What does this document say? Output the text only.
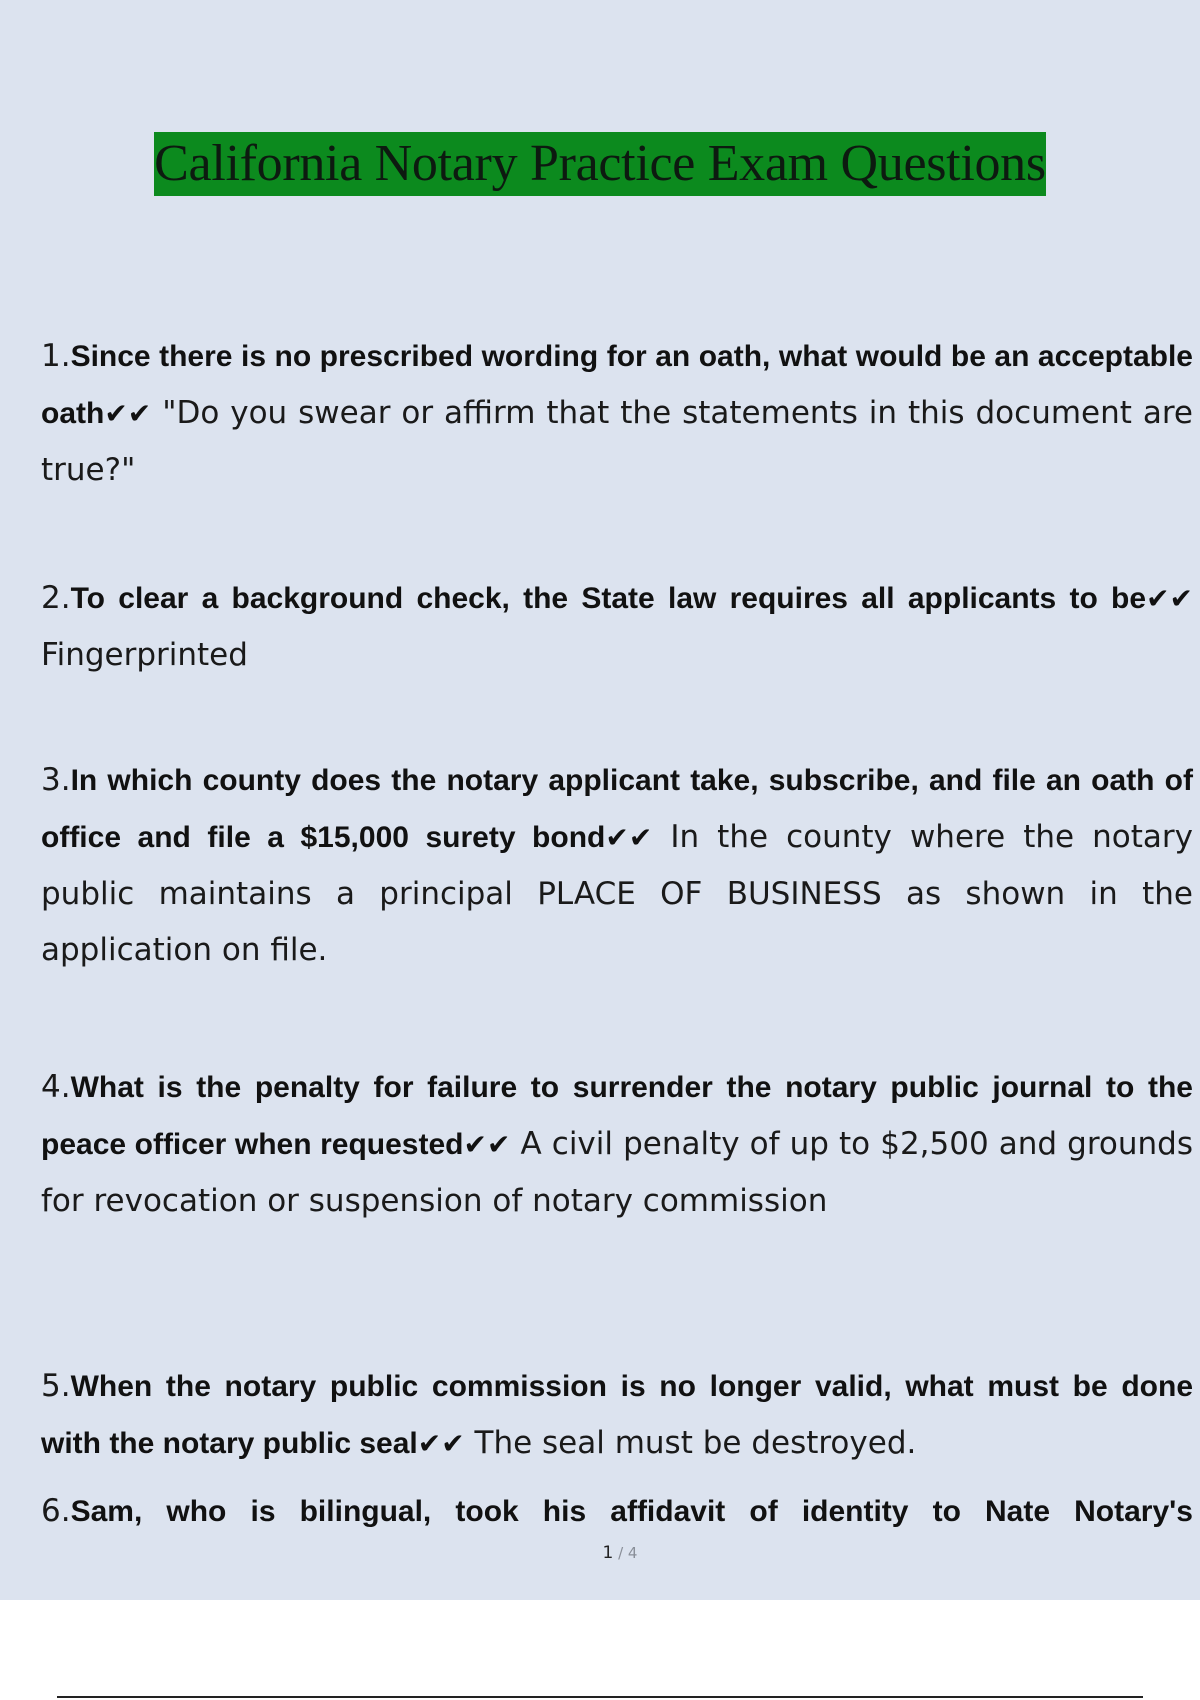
California Notary Practice Exam Questions

1.Since there is no prescribed wording for an oath, what would be an acceptable oath✔✔ "Do you swear or affirm that the statements in this document are true?"

2.To clear a background check, the State law requires all applicants to be✔✔ Fingerprinted

3.In which county does the notary applicant take, subscribe, and file an oath of office and file a $15,000 surety bond✔✔ In the county where the notary public maintains a principal PLACE OF BUSINESS as shown in the application on file.

4.What is the penalty for failure to surrender the notary public journal to the peace officer when requested✔✔ A civil penalty of up to $2,500 and grounds for revocation or suspension of notary commission

5.When the notary public commission is no longer valid, what must be done with the notary public seal✔✔ The seal must be destroyed.

6.Sam, who is bilingual, took his affidavit of identity to Nate Notary's

1 / 4
